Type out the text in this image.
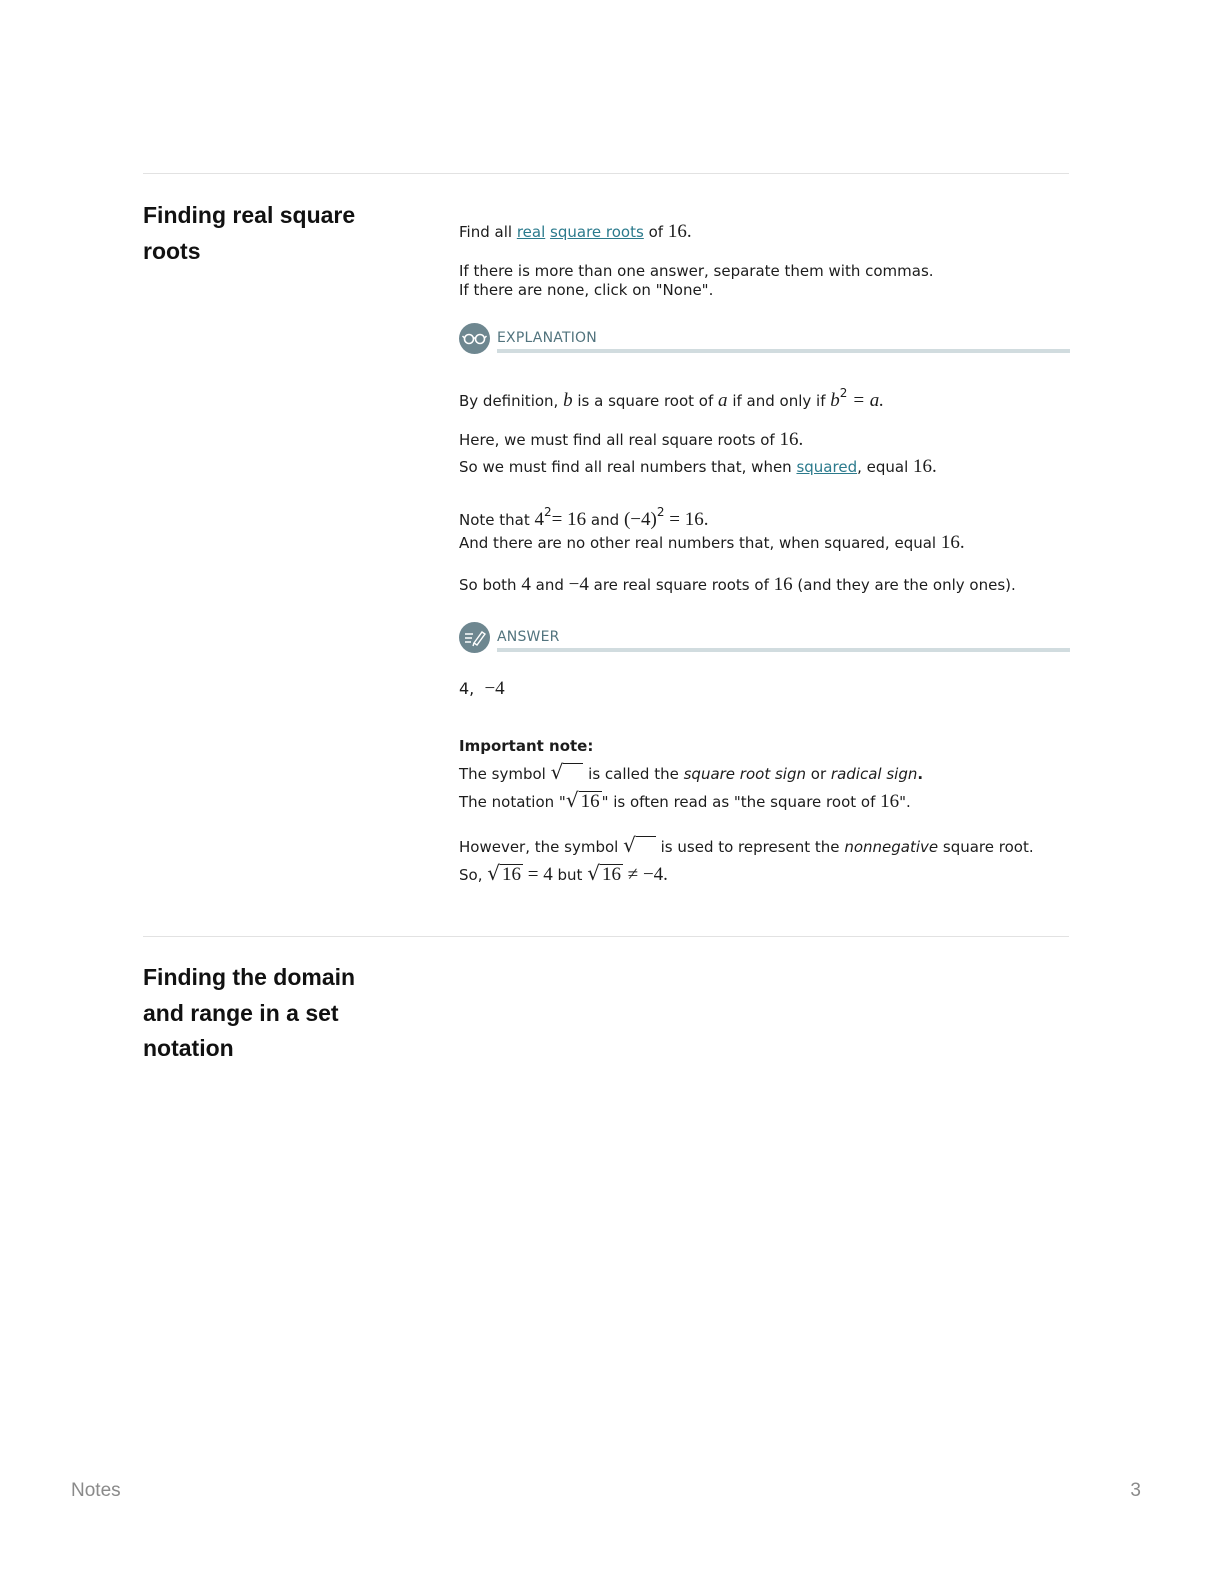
Finding real square
roots
Find all real square roots of 16.
If there is more than one answer, separate them with commas.
If there are none, click on "None".
EXPLANATION
By definition, b is a square root of a if and only if $b^2 = a$.
Here, we must find all real square roots of 16.
So we must find all real numbers that, when squared, equal 16.
Note that $4^2= 16$ and $(-4)^2 = 16$.
And there are no other real numbers that, when squared, equal 16.
So both 4 and −4 are real square roots of 16 (and they are the only ones).
ANSWER
4, −4
Important note:
The symbol √ is called the square root sign or radical sign.
The notation "√ 16 " is often read as "the square root of 16".
However, the symbol √ is used to represent the nonnegative square root.
So, √ 16 = 4 but √ 16 ≠ −4.
Finding the domain
and range in a set
notation
Notes	3
